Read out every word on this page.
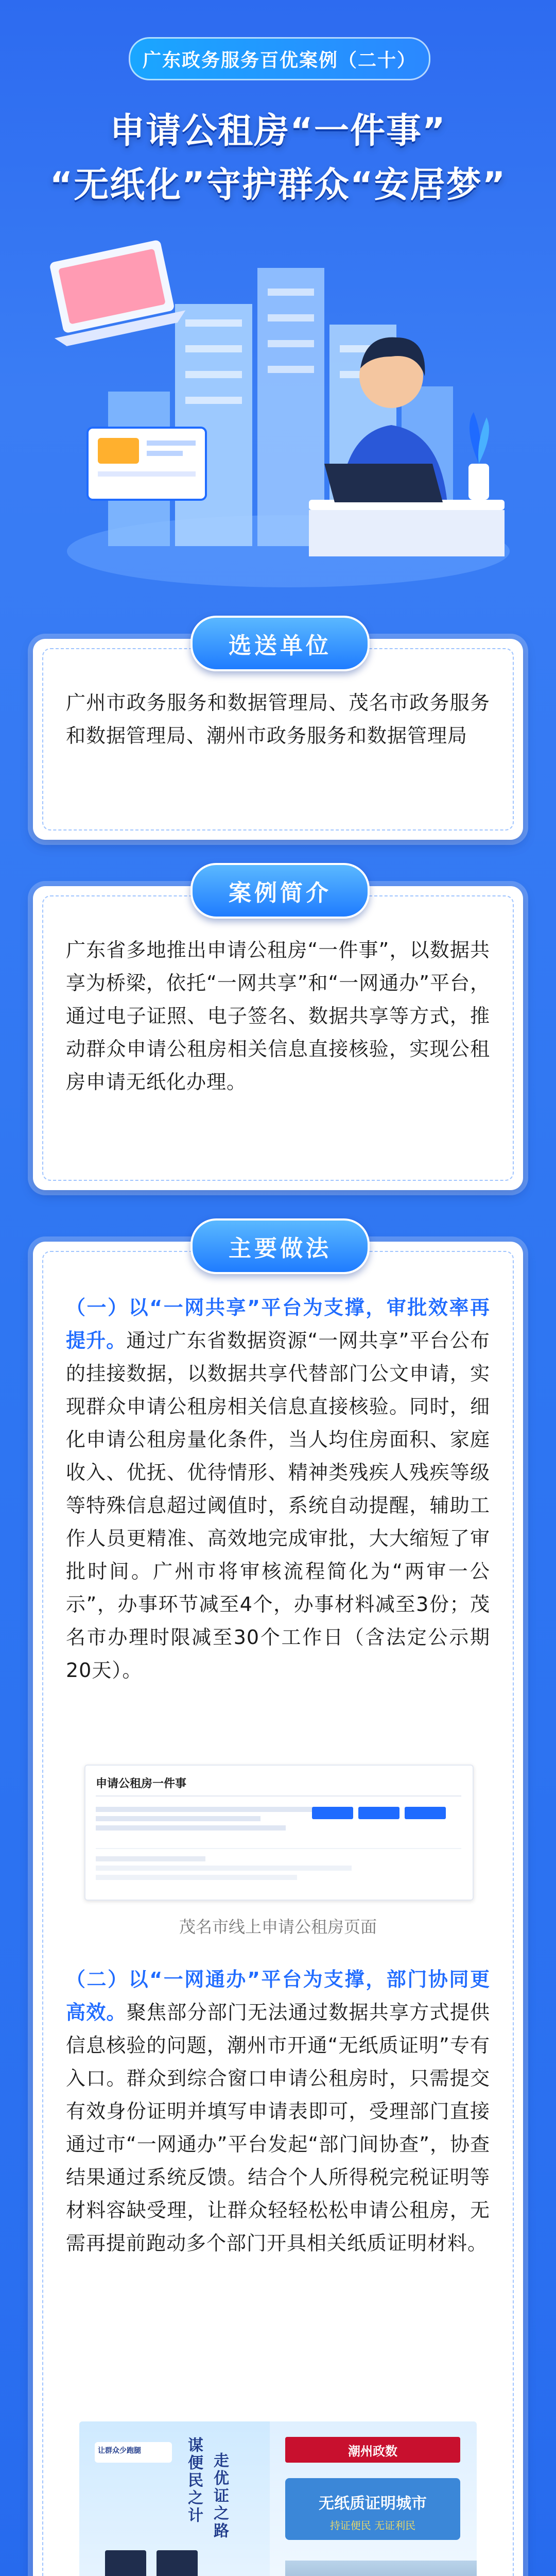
广东政务服务百优案例（二十）
申请公租房“一件事”
“无纸化”守护群众“安居梦”
广州市政务服务和数据管理局、茂名市政务服务和数据管理局、潮州市政务服务和数据管理局
选送单位
广东省多地推出申请公租房“一件事”，以数据共享为桥梁，依托“一网共享”和“一网通办”平台，通过电子证照、电子签名、数据共享等方式，推动群众申请公租房相关信息直接核验，实现公租房申请无纸化办理。
案例简介
（一）以“一网共享”平台为支撑，审批效率再提升。通过广东省数据资源“一网共享”平台公布的挂接数据，以数据共享代替部门公文申请，实现群众申请公租房相关信息直接核验。同时，细化申请公租房量化条件，当人均住房面积、家庭收入、优抚、优待情形、精神类残疾人残疾等级等特殊信息超过阈值时，系统自动提醒，辅助工作人员更精准、高效地完成审批，大大缩短了审批时间。广州市将审核流程简化为“两审一公示”，办事环节减至4个，办事材料减至3份；茂名市办理时限减至30个工作日（含法定公示期20天）。
申请公租房一件事
茂名市线上申请公租房页面
（二）以“一网通办”平台为支撑，部门协同更高效。聚焦部分部门无法通过数据共享方式提供信息核验的问题，潮州市开通“无纸质证明”专有入口。群众到综合窗口申请公租房时，只需提交有效身份证明并填写申请表即可，受理部门直接通过市“一网通办”平台发起“部门间协查”，协查结果通过系统反馈。结合个人所得税完税证明等材料容缺受理，让群众轻轻松松申请公租房，无需再提前跑动多个部门开具相关纸质证明材料。
让群众少跑腿	谋便民之计 走优证之路
潮州政数
无纸质证明城市
持证便民 无证利民
主要做法
